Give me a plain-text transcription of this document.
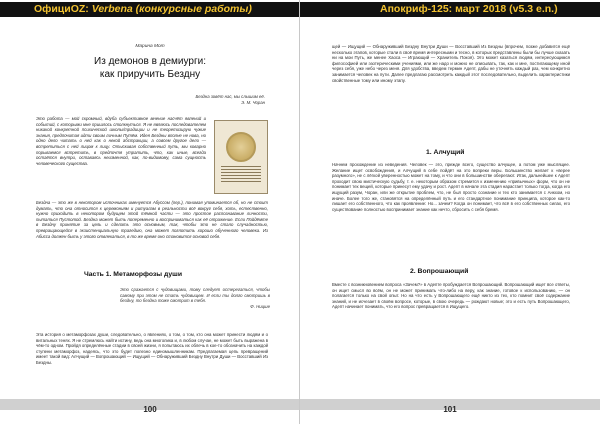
ОфициOZ: Verbena (конкурсные работы)
Марина Мот
Из демонов в демиурги:
как приручить Бездну
Бездна зовёт нас, мы слышим её.
Э. М. Чоран
Это работа — мой скромный, вдуба субъективное мнение насчёт явлений и событий, с которыми мне пришлось столкнуться. Я не являюсь последователем никакой конкретной психической школы/традиции и не теоретизирую чужие знания, предпочитая идти своим личным Путём. Идея Бездны вполне не нова, но одно дело читать о ней как о некой абстракции, а совсем другое дело — встретиться с ней лицом к лицу. Отыскивая собственный путь, мы коварно порываемся встретить, в предпочтя утратить, что, как иные, всегда остаётся внутри, оставаясь неизменной, как, по-видимому, сама сущность человеческого существа.
Бездна — это же в некотором источниках именуется Абуссом (пер.), понимая упоминается об, но не стоит думать, что она относится к церемониям и ритуалам в реальности всё вокруг себя, хоть, естественно, нужно приходить в некотором будущем этой тёмной части — это простое распознавание личности, пытаться Пустотой. Бездна может быть попеременно и восприниматься как её отражение. Если Пойдёмте в Бездну принятие за цель и сделать это основным, так, чтобы это не стало случайностью, превращающейся в экзистенциальную трагедию, она может поглотить хорошо обученного человека. Из Абисса должен быть у этого отвлекаться, в то же время оно становится основой себя.
Часть 1. Метаморфозы души
Это сражается с чудовищами, тому следует остерегаться, чтобы самому при этом не стать чудовищем. И если ты долго смотришь в бездну, то бездна тоже смотрит в тебя.
Ф. Ницше
Эта история о метаморфозах души, следовательно, о явлениях, о том, о том, кто она может принести людям и о витальных тенях. Я не стремлюсь найти истину, ведь она многолика и, в любом случае, не может быть выражена в чём-то одном. Пройдя определённые стадии в своей жизни, я попытаюсь их облечь в кое-то обозначить на каждой ступени метаморфоз, надеясь, что это будет полезно единомышленникам. Предлагаемая цепь превращений имеет такой вид: Алчущий — Вопрошающий — Ищущий — Обнаруживший Бездну Внутри Души — Восставший Из Бездны.
100
Апокриф-125: март 2018 (v5.3 e.n.)
щей — Ищущий — Обнаруживший Бездну Внутри Души — Восставший Из Бездны (впрочем, позже добавится ещё несколько этапов, которые стали в своё время интересными и тесно, в которых представлены были бы лучше сказать ни на мои Путь, же менее Хаоса — Играющий — Хранитель Покоя). Это может казаться людям, интересующимся философией или эзотерическими учениями, или же надо и можно не описывать, так, как и мне, постигающему иной через себя, уже небо через меня. Для удобства, введем термин Адепт, дабы не уточнять каждый раз, чем конкретно занимается человек на пути. Далее предлагаю рассмотреть каждый этот последовательно, выделить характеристики свойственные тому или иному этапу.
1. Алчущий
Начнем прохождение из неведения. Человек — это, прежде всего, существо алчущее, а потом уже мыслящее. Желание ищет освобождения, и Алчущий в себе пойдёт на это вопреки веры. Большинство желает к «верее разумного», не с лёгкой уверенностью может на тому, и что они в большинстве оберегают. Итак, дальнейшее к Адепт проходит свою мистическую судьбу, т. е. некоторым образом стремится к изменению «привычных» форм, что он не понимает тех вещей, которые принесут ему удачу и рост. Адепт в начале эта стадия нарастает только тогда, когда его ищущий разум, Чоран, или же открытие проблем, что, не был просто сознание и тех кто занимается с Анкхом, но иначе. Более того же, становятся на определённый путь и его стандартное понимание принципа, которое как-то лишает его собственного, что как проявление: Но... зачем? Когда он понимает, что всё в его собственных силах, его существование полностью воспринимает знание как нечто, сбросить с себя бремя.
2. Вопрошающий
Вместе с возникновением вопроса «Зачем?» в Адепте пробуждается Вопрошающий. Вопрошающий ищет все ответы, он ищет смысл во всём, он не может принимать что-либо на веру, как знание, готовое к использованию, — он полагается только на свой опыт. Но на что есть у Вопрошающего ещё никто из тех, кто помнит своё содержание знаний, и не исчезает в своём вопросе, которые, в свою очередь — рождают новые; это и есть путь Вопрошающего, Адепт начинает понимать, что его вопрос превращается в Ищущего.
101
